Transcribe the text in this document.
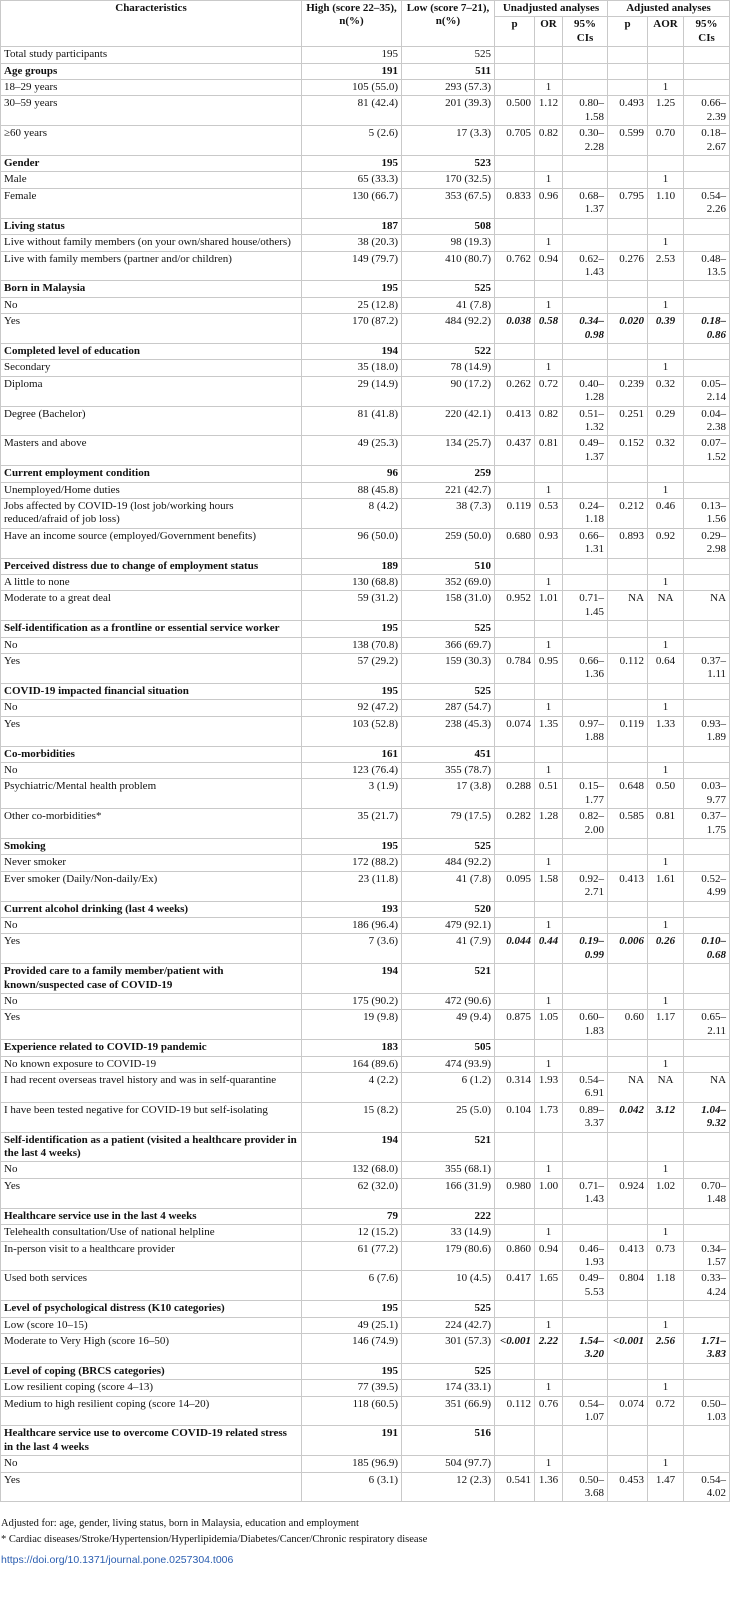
Characteristics	High (score 22–35), n(%)	Low (score 7–21), n(%)	Unadjusted analyses			Adjusted analyses		
			p	OR	95% CIs	p	AOR	95% CIs
Total study participants	195	525						
Age groups	191	511						
18–29 years	105 (55.0)	293 (57.3)		1			1	
30–59 years	81 (42.4)	201 (39.3)	0.500	1.12	0.80–1.58	0.493	1.25	0.66–2.39
≥60 years	5 (2.6)	17 (3.3)	0.705	0.82	0.30–2.28	0.599	0.70	0.18–2.67
Gender	195	523						
Male	65 (33.3)	170 (32.5)		1			1	
Female	130 (66.7)	353 (67.5)	0.833	0.96	0.68–1.37	0.795	1.10	0.54–2.26
Living status	187	508						
Live without family members (on your own/shared house/others)	38 (20.3)	98 (19.3)		1			1	
Live with family members (partner and/or children)	149 (79.7)	410 (80.7)	0.762	0.94	0.62–1.43	0.276	2.53	0.48–13.5
Born in Malaysia	195	525						
No	25 (12.8)	41 (7.8)		1			1	
Yes	170 (87.2)	484 (92.2)	0.038	0.58	0.34–0.98	0.020	0.39	0.18–0.86
Completed level of education	194	522						
Secondary	35 (18.0)	78 (14.9)		1			1	
Diploma	29 (14.9)	90 (17.2)	0.262	0.72	0.40–1.28	0.239	0.32	0.05–2.14
Degree (Bachelor)	81 (41.8)	220 (42.1)	0.413	0.82	0.51–1.32	0.251	0.29	0.04–2.38
Masters and above	49 (25.3)	134 (25.7)	0.437	0.81	0.49–1.37	0.152	0.32	0.07–1.52
Current employment condition	96	259						
Unemployed/Home duties	88 (45.8)	221 (42.7)		1			1	
Jobs affected by COVID-19 (lost job/working hours reduced/afraid of job loss)	8 (4.2)	38 (7.3)	0.119	0.53	0.24–1.18	0.212	0.46	0.13–1.56
Have an income source (employed/Government benefits)	96 (50.0)	259 (50.0)	0.680	0.93	0.66–1.31	0.893	0.92	0.29–2.98
Perceived distress due to change of employment status	189	510						
A little to none	130 (68.8)	352 (69.0)		1			1	
Moderate to a great deal	59 (31.2)	158 (31.0)	0.952	1.01	0.71–1.45	NA	NA	NA
Self-identification as a frontline or essential service worker	195	525						
No	138 (70.8)	366 (69.7)		1			1	
Yes	57 (29.2)	159 (30.3)	0.784	0.95	0.66–1.36	0.112	0.64	0.37–1.11
COVID-19 impacted financial situation	195	525						
No	92 (47.2)	287 (54.7)		1			1	
Yes	103 (52.8)	238 (45.3)	0.074	1.35	0.97–1.88	0.119	1.33	0.93–1.89
Co-morbidities	161	451						
No	123 (76.4)	355 (78.7)		1			1	
Psychiatric/Mental health problem	3 (1.9)	17 (3.8)	0.288	0.51	0.15–1.77	0.648	0.50	0.03–9.77
Other co-morbidities*	35 (21.7)	79 (17.5)	0.282	1.28	0.82–2.00	0.585	0.81	0.37–1.75
Smoking	195	525						
Never smoker	172 (88.2)	484 (92.2)		1			1	
Ever smoker (Daily/Non-daily/Ex)	23 (11.8)	41 (7.8)	0.095	1.58	0.92–2.71	0.413	1.61	0.52–4.99
Current alcohol drinking (last 4 weeks)	193	520						
No	186 (96.4)	479 (92.1)		1			1	
Yes	7 (3.6)	41 (7.9)	0.044	0.44	0.19–0.99	0.006	0.26	0.10–0.68
Provided care to a family member/patient with known/suspected case of COVID-19	194	521						
No	175 (90.2)	472 (90.6)		1			1	
Yes	19 (9.8)	49 (9.4)	0.875	1.05	0.60–1.83	0.60	1.17	0.65–2.11
Experience related to COVID-19 pandemic	183	505						
No known exposure to COVID-19	164 (89.6)	474 (93.9)		1			1	
I had recent overseas travel history and was in self-quarantine	4 (2.2)	6 (1.2)	0.314	1.93	0.54–6.91	NA	NA	NA
I have been tested negative for COVID-19 but self-isolating	15 (8.2)	25 (5.0)	0.104	1.73	0.89–3.37	0.042	3.12	1.04–9.32
Self-identification as a patient (visited a healthcare provider in the last 4 weeks)	194	521						
No	132 (68.0)	355 (68.1)		1			1	
Yes	62 (32.0)	166 (31.9)	0.980	1.00	0.71–1.43	0.924	1.02	0.70–1.48
Healthcare service use in the last 4 weeks	79	222						
Telehealth consultation/Use of national helpline	12 (15.2)	33 (14.9)		1			1	
In-person visit to a healthcare provider	61 (77.2)	179 (80.6)	0.860	0.94	0.46–1.93	0.413	0.73	0.34–1.57
Used both services	6 (7.6)	10 (4.5)	0.417	1.65	0.49–5.53	0.804	1.18	0.33–4.24
Level of psychological distress (K10 categories)	195	525						
Low (score 10–15)	49 (25.1)	224 (42.7)		1			1	
Moderate to Very High (score 16–50)	146 (74.9)	301 (57.3)	<0.001	2.22	1.54–3.20	<0.001	2.56	1.71–3.83
Level of coping (BRCS categories)	195	525						
Low resilient coping (score 4–13)	77 (39.5)	174 (33.1)		1			1	
Medium to high resilient coping (score 14–20)	118 (60.5)	351 (66.9)	0.112	0.76	0.54–1.07	0.074	0.72	0.50–1.03
Healthcare service use to overcome COVID-19 related stress in the last 4 weeks	191	516						
No	185 (96.9)	504 (97.7)		1			1	
Yes	6 (3.1)	12 (2.3)	0.541	1.36	0.50–3.68	0.453	1.47	0.54–4.02
Adjusted for: age, gender, living status, born in Malaysia, education and employment
* Cardiac diseases/Stroke/Hypertension/Hyperlipidemia/Diabetes/Cancer/Chronic respiratory disease
https://doi.org/10.1371/journal.pone.0257304.t006
